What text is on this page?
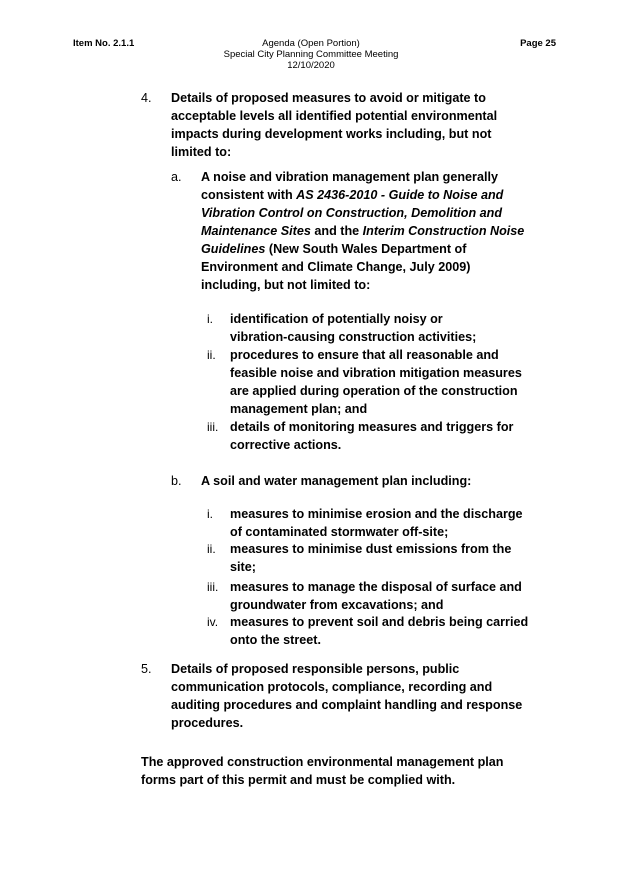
Item No. 2.1.1	Agenda (Open Portion)
Special City Planning Committee Meeting
12/10/2020
Page 25
4. Details of proposed measures to avoid or mitigate to
acceptable levels all identified potential environmental
impacts during development works including, but not
limited to:
a. A noise and vibration management plan generally
consistent with AS 2436-2010 - Guide to Noise and
Vibration Control on Construction, Demolition and
Maintenance Sites and the Interim Construction Noise
Guidelines (New South Wales Department of
Environment and Climate Change, July 2009)
including, but not limited to:
i. identification of potentially noisy or
vibration-causing construction activities;
ii. procedures to ensure that all reasonable and
feasible noise and vibration mitigation measures
are applied during operation of the construction
management plan; and
iii. details of monitoring measures and triggers for
corrective actions.
b. A soil and water management plan including:
i. measures to minimise erosion and the discharge
of contaminated stormwater off-site;
ii. measures to minimise dust emissions from the
site;
iii. measures to manage the disposal of surface and
groundwater from excavations; and
iv. measures to prevent soil and debris being carried
onto the street.
5. Details of proposed responsible persons, public
communication protocols, compliance, recording and
auditing procedures and complaint handling and response
procedures.
The approved construction environmental management plan
forms part of this permit and must be complied with.
